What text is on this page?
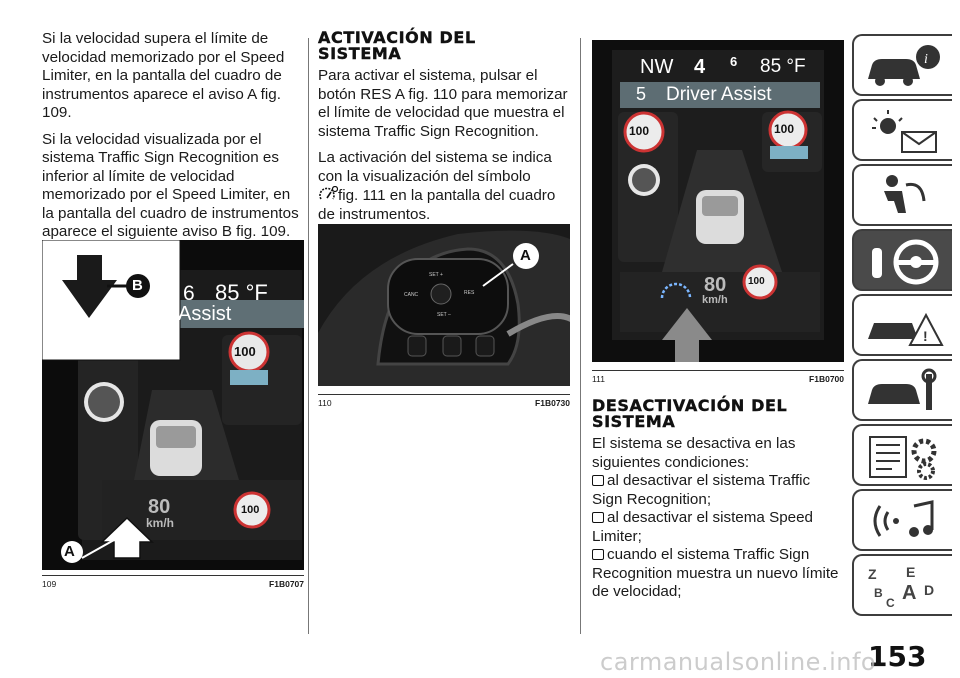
Si la velocidad supera el límite de velocidad memorizado por el Speed Limiter, en la pantalla del cuadro de instrumentos aparece el aviso A fig. 109.

Si la velocidad visualizada por el sistema Traffic Sign Recognition es inferior al límite de velocidad memorizado por el Speed Limiter, en la pantalla del cuadro de instrumentos aparece el siguiente aviso B fig. 109.

6 85 °F
Assist
100
80
km/h
100
A
B
109	F1B0707
ACTIVACIÓN DEL
SISTEMA

Para activar el sistema, pulsar el botón RES A fig. 110 para memorizar el límite de velocidad que muestra el sistema Traffic Sign Recognition.

La activación del sistema se indica con la visualización del símbolo
fig. 111 en la pantalla del cuadro de instrumentos.

SET +
CANC	RES
SET –
A
110	F1B0730
NW 4 6 85 °F
5 Driver Assist
100	100
80
km/h
100
111	F1B0700
DESACTIVACIÓN DEL
SISTEMA

El sistema se desactiva en las siguientes condiciones:

al desactivar el sistema Traffic Sign Recognition;

al desactivar el sistema Speed Limiter;

cuando el sistema Traffic Sign Recognition muestra un nuevo límite de velocidad;

i
!
Z E
B A D
C
153
carmanualsonline.info
